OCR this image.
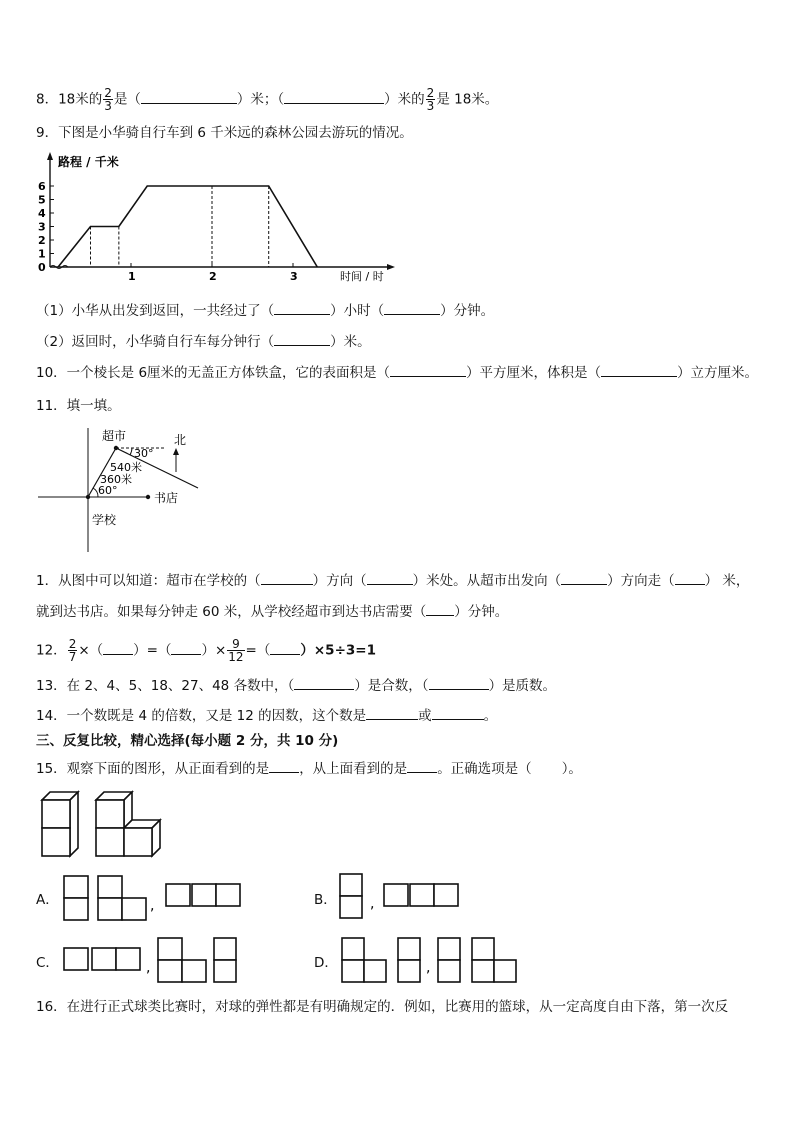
8．18米的 $\frac{2}{3}$ 是（	）米；（	）米的 $\frac{2}{3}$ 是 18米。
9．下图是小华骑自行车到 6 千米远的森林公园去游玩的情况。
路程 / 千米
时间 / 时
0
1
2
3
4
5
6
1	2	3
（1）小华从出发到返回，一共经过了（	）小时（	）分钟。
（2）返回时，小华骑自行车每分钟行（	）米。
10．一个棱长是 6厘米的无盖正方体铁盒，它的表面积是（	）平方厘米，体积是（	）立方厘米。
11．填一填。
超市	北
30°
540米
360米
60°
书店
学校
1．从图中可以知道：超市在学校的（	）方向（	）米处。从超市出发向（	）方向走（ ） 米，
就到达书店。如果每分钟走 60 米，从学校经超市到达书店需要（ ）分钟。
12． $\frac{2}{7}$ ×（ ）=（ ）× $\frac{9}{12}$ =（ ）×5÷3=1
13．在 2、4、5、18、27、48 各数中，（	）是合数，（	）是质数。
14．一个数既是 4 的倍数，又是 12 的因数，这个数是	或	。
三、反复比较，精心选择(每小题 2 分，共 10 分)
15．观察下面的图形，从正面看到的是 ，从上面看到的是 。正确选项是（ ）。
A．	,	B． ,
C．	,	D．	,
16．在进行正式球类比赛时，对球的弹性都是有明确规定的．例如，比赛用的篮球，从一定高度自由下落，第一次反
